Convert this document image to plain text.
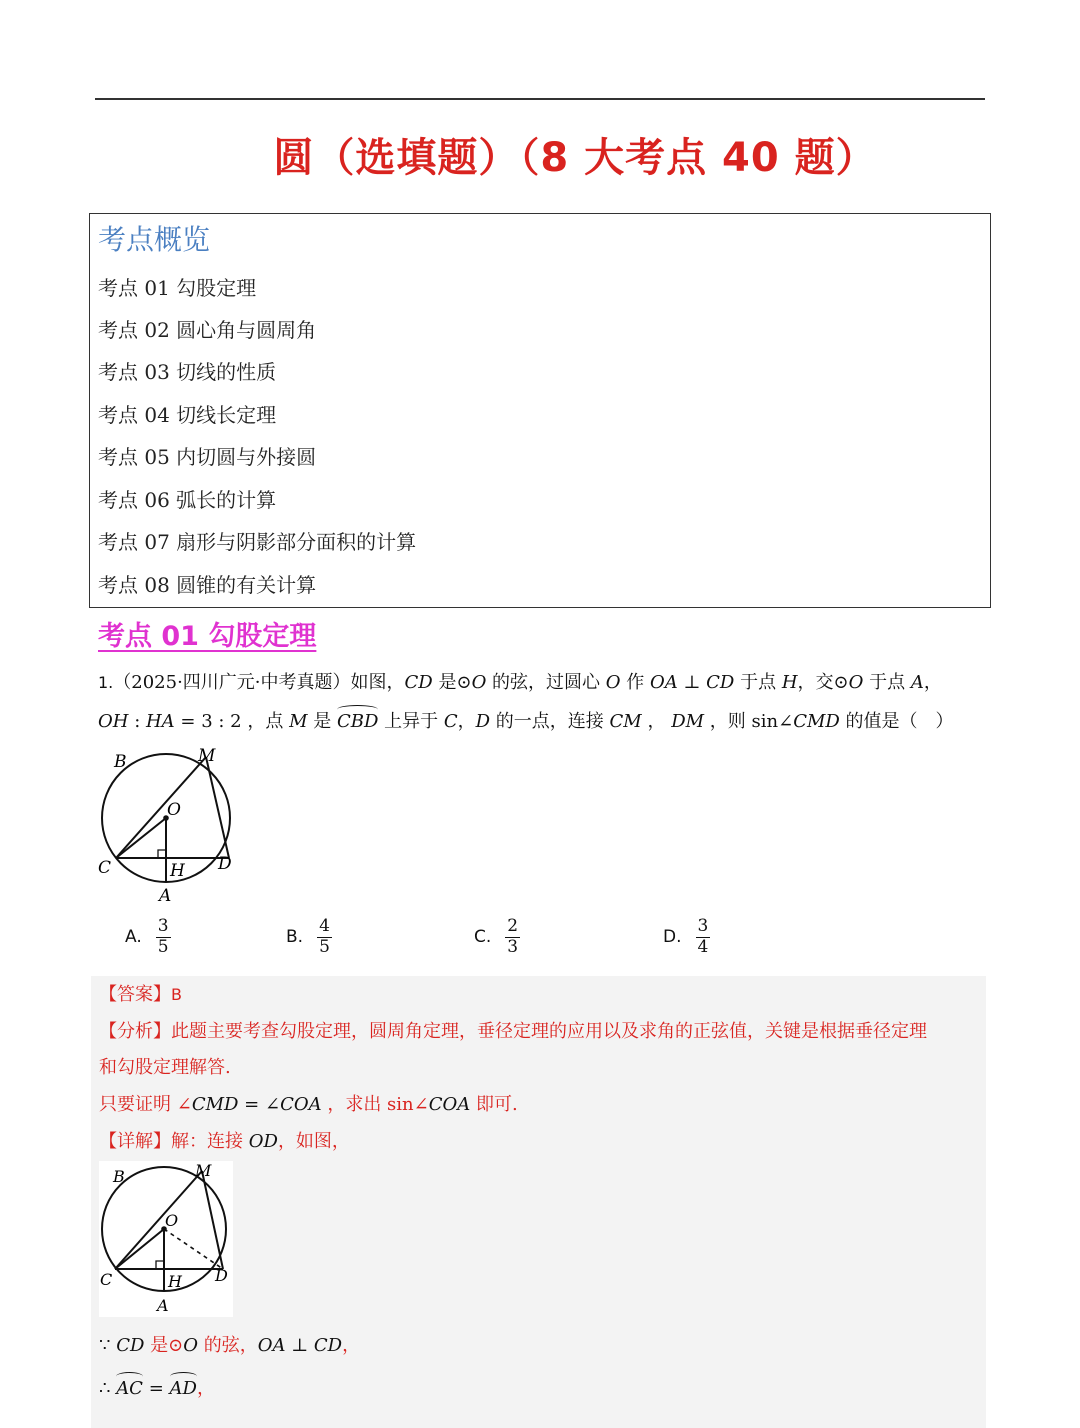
圆（选填题）（8 大考点 40 题）
考点概览
考点 01 勾股定理
考点 02 圆心角与圆周角
考点 03 切线的性质
考点 04 切线长定理
考点 05 内切圆与外接圆
考点 06 弧长的计算
考点 07 扇形与阴影部分面积的计算
考点 08 圆锥的有关计算
考点 01 勾股定理
1.（2025·四川广元·中考真题）如图，CD 是⊙O 的弦，过圆心 O 作 OA ⊥ CD 于点 H，交⊙O 于点 A，
OH : HA = 3 : 2 ，点 M 是 CBD 上异于 C，D 的一点，连接 CM ， DM ，则 sin∠CMD 的值是（　）
B	M
O
C	H D
A
A. $\frac{3}{5}$	B. $\frac{4}{5}$	C. $\frac{2}{3}$	D. $\frac{3}{4}$
【答案】B
【分析】此题主要考查勾股定理，圆周角定理，垂径定理的应用以及求角的正弦值，关键是根据垂径定理
和勾股定理解答.
只要证明 ∠CMD = ∠COA ，求出 sin∠COA 即可.
【详解】解：连接 OD，如图，
B	M
O
C	H D
A
∵ CD 是⊙O 的弦，OA ⊥ CD，
∴ AC = AD，
